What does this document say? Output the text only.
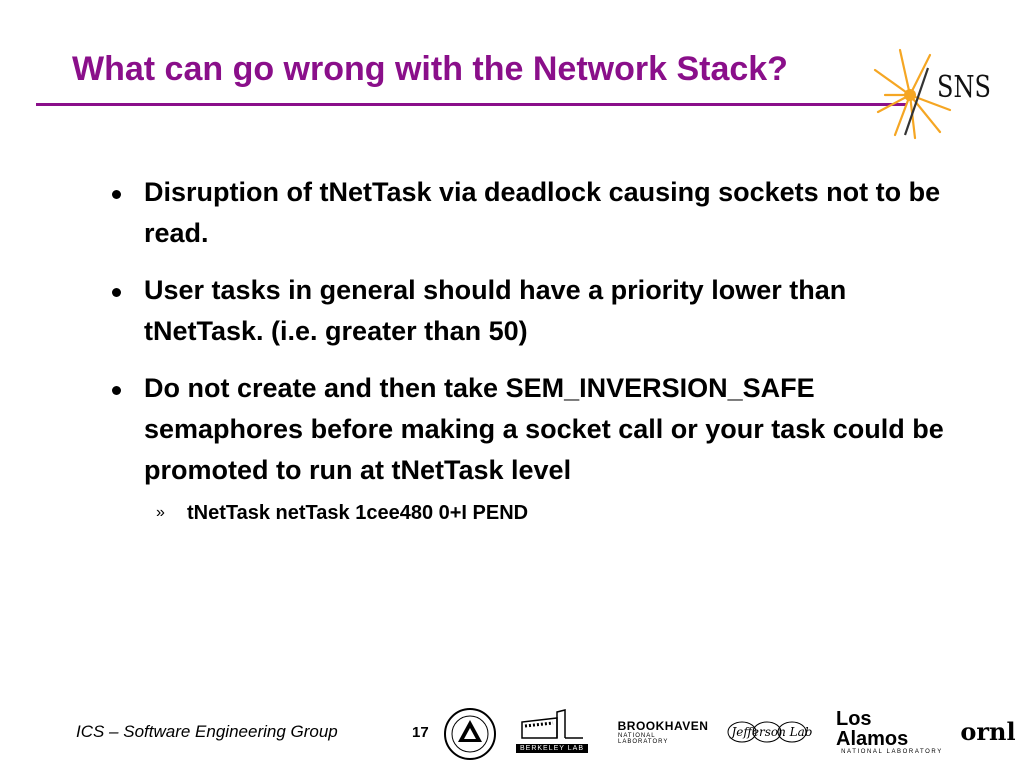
What can go wrong with the Network Stack?	SNS
Disruption of tNetTask via deadlock causing sockets not to be read.
User tasks in general should have a priority lower than tNetTask. (i.e. greater than 50)
Do not create and then take SEM_INVERSION_SAFE semaphores before making a socket call or your task could be promoted to run at tNetTask level
» tNetTask netTask 1cee480 0+I PEND
ICS – Software Engineering Group	17
BERKELEY LAB
BROOKHAVEN
NATIONAL LABORATORY
Jefferson Lab
Los Alamos
NATIONAL LABORATORY
ornl
